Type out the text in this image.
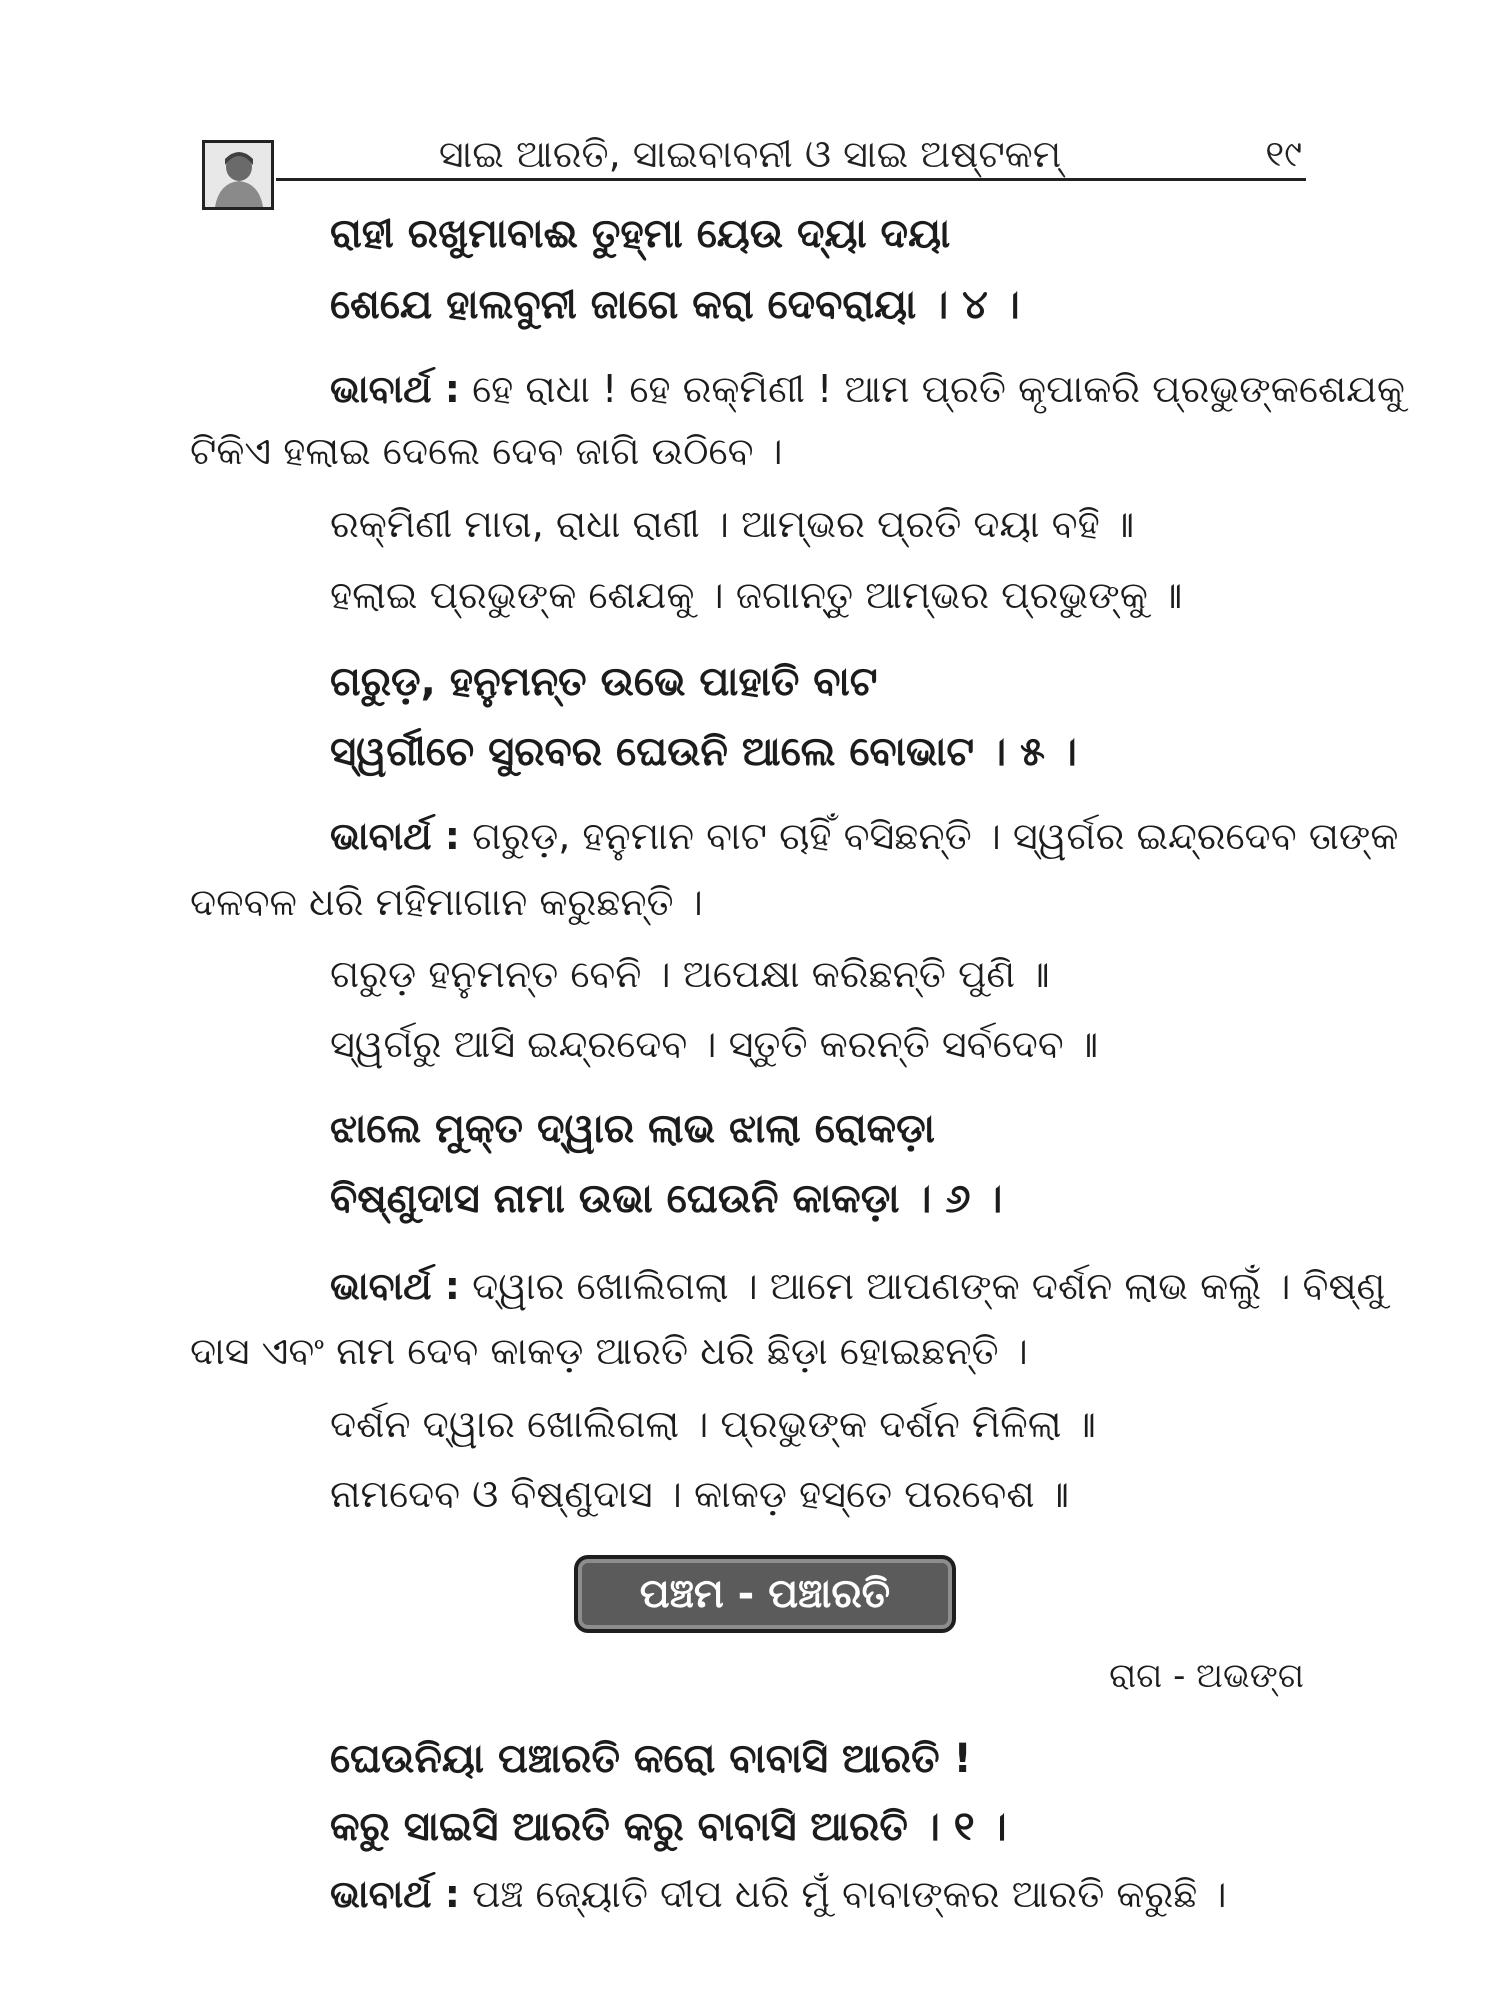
ସାଇ ଆରତି, ସାଇବାବନୀ ଓ ସାଇ ଅଷ୍ଟକମ୍	୧୯
ରାହୀ ରଖୁମାବାଈ ତୁହ୍ମା ୟେଉ ଦ୍ୟା ଦୟା
ଶେଯେ ହାଲବୁନୀ ଜାଗେ କରା ଦେବରାୟା । ୪ ।
ଭାବାର୍ଥ : ହେ ରାଧା ! ହେ ରକ୍ମିଣୀ ! ଆମ ପ୍ରତି କୃପାକରି ପ୍ରଭୁଙ୍କଶେଯକୁ
ଟିକିଏ ହଲାଇ ଦେଲେ ଦେବ ଜାଗି ଉଠିବେ ।
ରକ୍ମିଣୀ ମାତା, ରାଧା ରାଣୀ । ଆମ୍ଭର ପ୍ରତି ଦୟା ବହି ॥
ହଲାଇ ପ୍ରଭୁଙ୍କ ଶେଯକୁ । ଜଗାନ୍ତୁ ଆମ୍ଭର ପ୍ରଭୁଙ୍କୁ ॥
ଗରୁଡ଼, ହନୁମନ୍ତ ଉଭେ ପାହାତି ବାଟ
ସ୍ୱର୍ଗୀଚେ ସୁରବର ଘେଉନି ଆଲେ ବୋଭାଟ । ୫ ।
ଭାବାର୍ଥ : ଗରୁଡ଼, ହନୁମାନ ବାଟ ଚାହିଁ ବସିଛନ୍ତି । ସ୍ୱର୍ଗର ଇନ୍ଦ୍ରଦେବ ତାଙ୍କ
ଦଳବଳ ଧରି ମହିମାଗାନ କରୁଛନ୍ତି ।
ଗରୁଡ଼ ହନୁମନ୍ତ ବେନି । ଅପେକ୍ଷା କରିଛନ୍ତି ପୁଣି ॥
ସ୍ୱର୍ଗରୁ ଆସି ଇନ୍ଦ୍ରଦେବ । ସ୍ତୁତି କରନ୍ତି ସର୍ବଦେବ ॥
ଝାଲେ ମୁକ୍ତ ଦ୍ୱାର ଲାଭ ଝାଲା ରୋକଡ଼ା
ବିଷ୍ଣୁଦାସ ନାମା ଉଭା ଘେଉନି କାକଡ଼ା । ୬ ।
ଭାବାର୍ଥ : ଦ୍ୱାର ଖୋଲିଗଲା । ଆମେ ଆପଣଙ୍କ ଦର୍ଶନ ଲାଭ କଲୁଁ । ବିଷ୍ଣୁ
ଦାସ ଏବଂ ନାମ ଦେବ କାକଡ଼ ଆରତି ଧରି ଛିଡ଼ା ହୋଇଛନ୍ତି ।
ଦର୍ଶନ ଦ୍ୱାର ଖୋଲିଗଲା । ପ୍ରଭୁଙ୍କ ଦର୍ଶନ ମିଳିଲା ॥
ନାମଦେବ ଓ ବିଷ୍ଣୁଦାସ । କାକଡ଼ ହସ୍ତେ ପରବେଶ ॥
ପଞ୍ଚମ - ପଞ୍ଚାରତି
ରାଗ - ଅଭଙ୍ଗ
ଘେଉନିୟା ପଞ୍ଚାରତି କରୋ ବାବାସି ଆରତି !
କରୁ ସାଇସି ଆରତି କରୁ ବାବାସି ଆରତି । ୧ ।
ଭାବାର୍ଥ : ପଞ୍ଚ ଜ୍ୟୋତି ଦୀପ ଧରି ମୁଁ ବାବାଙ୍କର ଆରତି କରୁଛି ।
